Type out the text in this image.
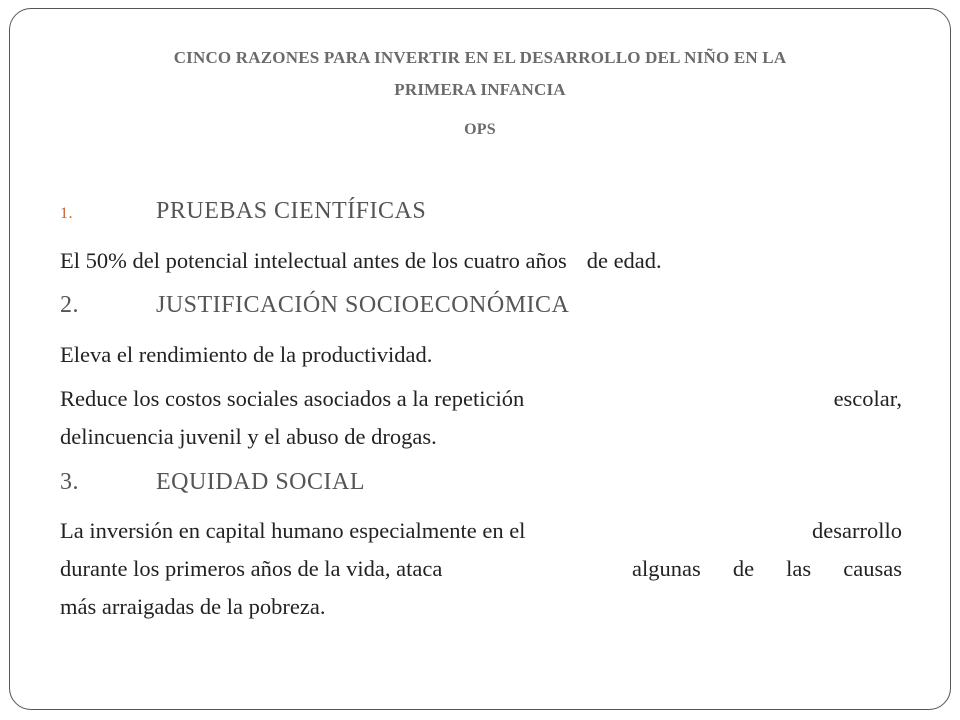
CINCO RAZONES PARA INVERTIR EN EL DESARROLLO DEL NIÑO EN LA
PRIMERA INFANCIA
OPS
1.	PRUEBAS CIENTÍFICAS
El 50% del potencial intelectual antes de los cuatro años de edad.
2.	JUSTIFICACIÓN SOCIOECONÓMICA
Eleva el rendimiento de la productividad.
Reduce los costos sociales asociados a la repetición	escolar,
delincuencia juvenil y el abuso de drogas.
3.	EQUIDAD SOCIAL
La inversión en capital humano especialmente en el	desarrollo
durante los primeros años de la vida, ataca	algunas de las causas
más arraigadas de la pobreza.
